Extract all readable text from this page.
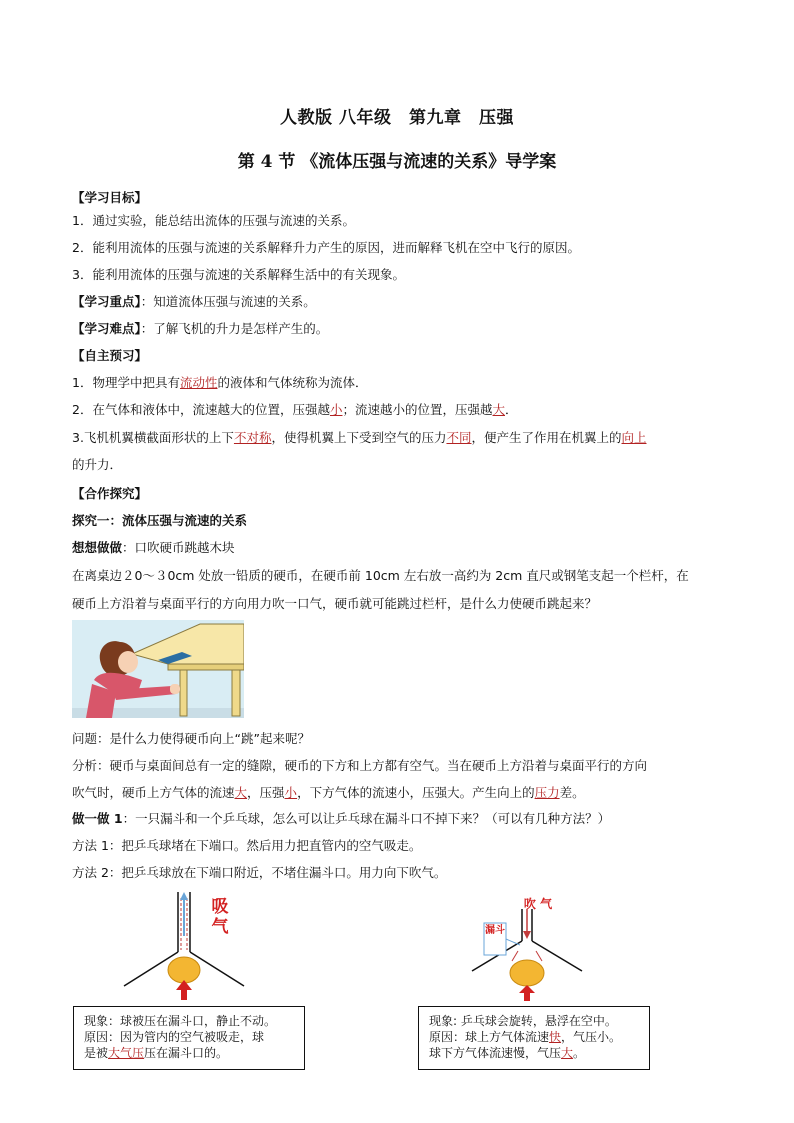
人教版 八年级　第九章　压强
第 4 节 《流体压强与流速的关系》导学案
【学习目标】
1．通过实验，能总结出流体的压强与流速的关系。
2．能利用流体的压强与流速的关系解释升力产生的原因，进而解释飞机在空中飞行的原因。
3．能利用流体的压强与流速的关系解释生活中的有关现象。
【学习重点】：知道流体压强与流速的关系。
【学习难点】：了解飞机的升力是怎样产生的。
【自主预习】
1．物理学中把具有流动性的液体和气体统称为流体．
2．在气体和液体中，流速越大的位置，压强越小；流速越小的位置，压强越大．
3.飞机机翼横截面形状的上下不对称，使得机翼上下受到空气的压力不同，便产生了作用在机翼上的向上
的升力．
【合作探究】
探究一：流体压强与流速的关系
想想做做：口吹硬币跳越木块
在离桌边２0～３0cm 处放一铅质的硬币，在硬币前 10cm 左右放一高约为 2cm 直尺或钢笔支起一个栏杆，在
硬币上方沿着与桌面平行的方向用力吹一口气，硬币就可能跳过栏杆，是什么力使硬币跳起来？
问题：是什么力使得硬币向上“跳”起来呢？
分析：硬币与桌面间总有一定的缝隙，硬币的下方和上方都有空气。当在硬币上方沿着与桌面平行的方向
吹气时，硬币上方气体的流速大，压强小，下方气体的流速小，压强大。产生向上的压力差。
做一做 1：一只漏斗和一个乒乓球，怎么可以让乒乓球在漏斗口不掉下来？（可以有几种方法？）
方法 1：把乒乓球堵在下端口。然后用力把直管内的空气吸走。
方法 2：把乒乓球放在下端口附近，不堵住漏斗口。用力向下吹气。
吸气
现象：球被压在漏斗口，静止不动。
原因：因为管内的空气被吸走，球
是被大气压压在漏斗口的。
吹 气
漏斗
现象: 乒乓球会旋转，悬浮在空中。
原因：球上方气体流速快，气压小。
球下方气体流速慢，气压大。
